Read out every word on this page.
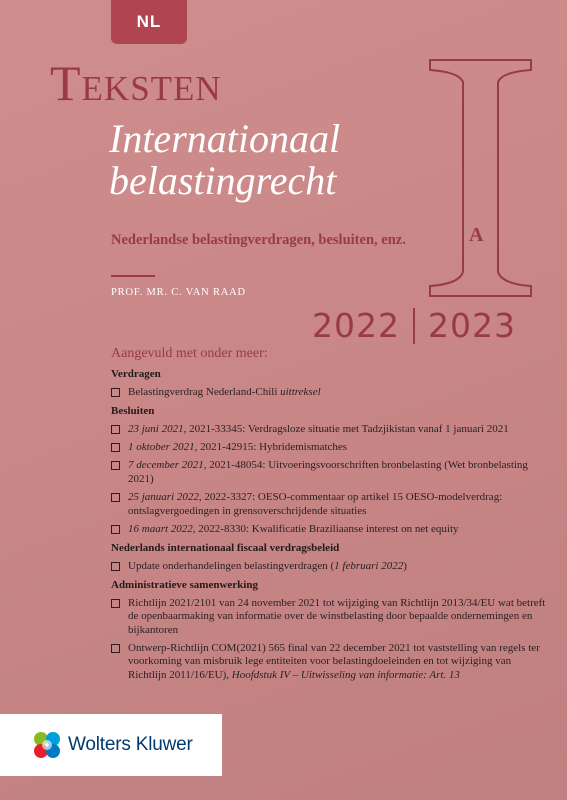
NL
Teksten
Internationaal
belastingrecht
Nederlandse belastingverdragen, besluiten, enz.	A
PROF. MR. C. VAN RAAD
2022 2023
Aangevuld met onder meer:
Verdragen
Belastingverdrag Nederland-Chili uittreksel
Besluiten
23 juni 2021, 2021-33345: Verdragsloze situatie met Tadzjikistan vanaf 1 januari 2021
1 oktober 2021, 2021-42915: Hybridemismatches
7 december 2021, 2021-48054: Uitvoeringsvoorschriften bronbelasting (Wet bronbelasting 2021)
25 januari 2022, 2022-3327: OESO-commentaar op artikel 15 OESO-modelverdrag: ontslagvergoedingen in grensoverschrijdende situaties
16 maart 2022, 2022-8330: Kwalificatie Braziliaanse interest on net equity
Nederlands internationaal fiscaal verdragsbeleid
Update onderhandelingen belastingverdragen (1 februari 2022)
Administratieve samenwerking
Richtlijn 2021/2101 van 24 november 2021 tot wijziging van Richtlijn 2013/34/EU wat betreft de openbaarmaking van informatie over de winstbelasting door bepaalde ondernemingen en bijkantoren
Ontwerp-Richtlijn COM(2021) 565 final van 22 december 2021 tot vaststelling van regels ter voorkoming van misbruik lege entiteiten voor belastingdoeleinden en tot wijziging van Richtlijn 2011/16/EU), Hoofdstuk IV – Uitwisseling van informatie: Art. 13
Wolters Kluwer
